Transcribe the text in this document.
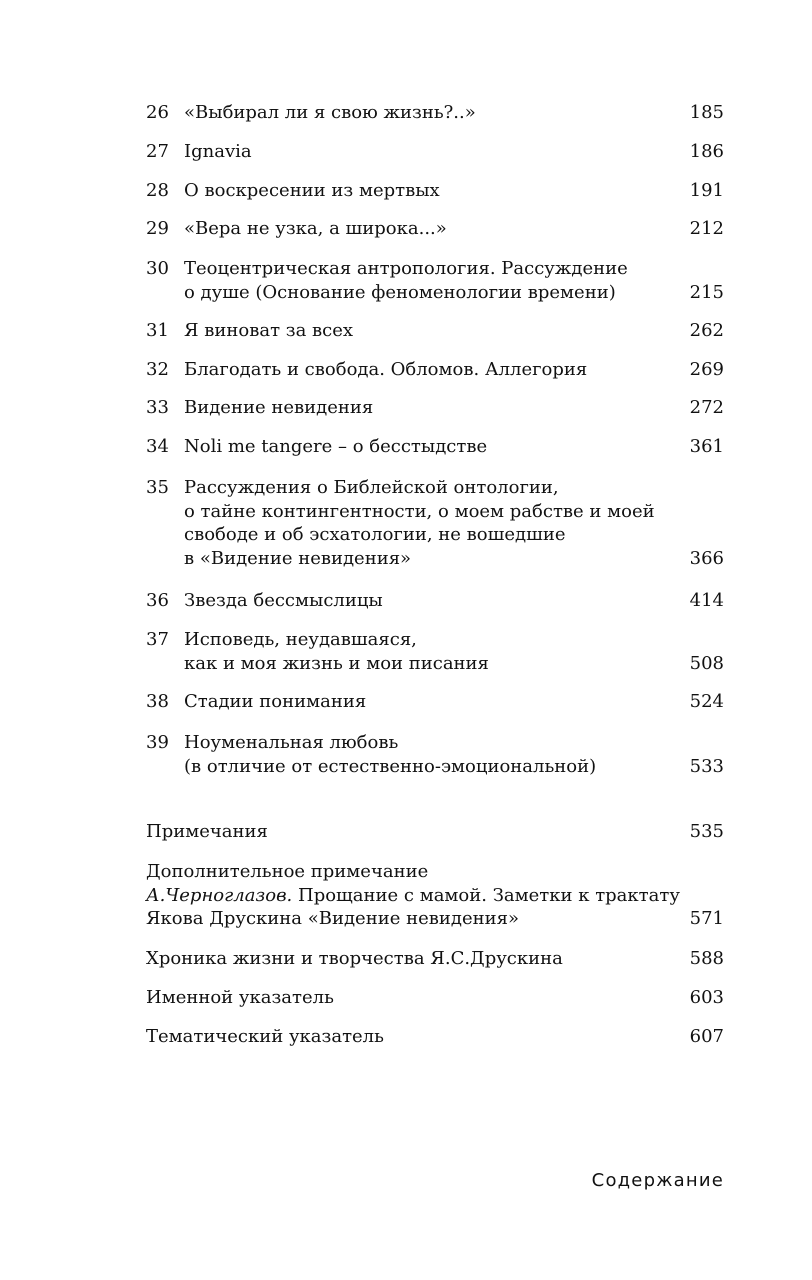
26 «Выбирал ли я свою жизнь?..»	185
27 Ignavia	186
28 О воскресении из мертвых	191
29 «Вера не узка, а широка...»	212
30 Теоцентрическая антропология. Рассуждение
о душе (Основание феноменологии времени)	215
31 Я виноват за всех	262
32 Благодать и свобода. Обломов. Аллегория	269
33 Видение невидения	272
34 Noli me tangere – о бесстыдстве	361
35 Рассуждения о Библейской онтологии,
о тайне контингентности, о моем рабстве и моей
свободе и об эсхатологии, не вошедшие
в «Видение невидения»	366
36 Звезда бессмыслицы	414
37 Исповедь, неудавшаяся,
как и моя жизнь и мои писания	508
38 Стадии понимания	524
39 Ноуменальная любовь
(в отличие от естественно-эмоциональной)	533
Примечания	535
Дополнительное примечание
А.Черноглазов. Прощание с мамой. Заметки к трактату
Якова Друскина «Видение невидения»	571
Хроника жизни и творчества Я.С.Друскина	588
Именной указатель	603
Тематический указатель	607
Содержание
